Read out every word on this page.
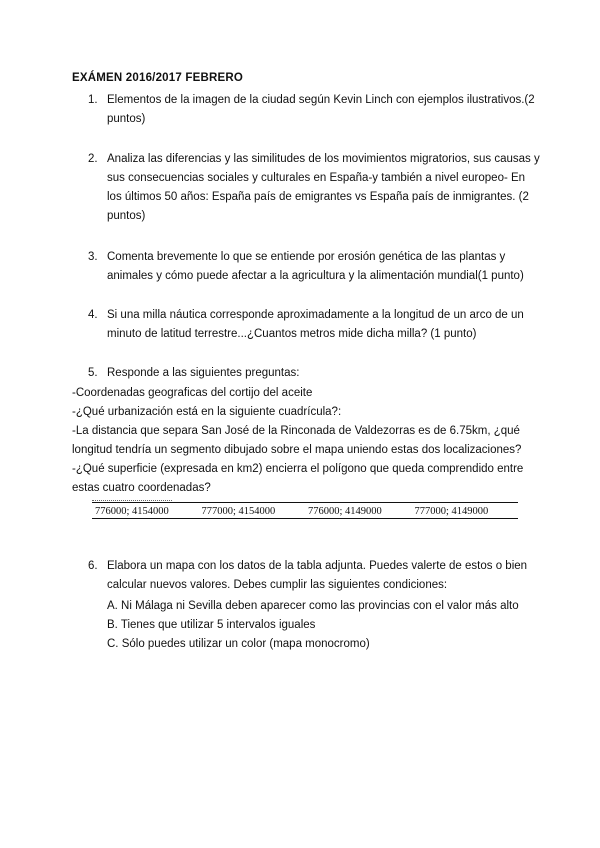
EXÁMEN 2016/2017 FEBRERO
1. Elementos de la imagen de la ciudad según Kevin Linch con ejemplos ilustrativos.(2
puntos)
2. Analiza las diferencias y las similitudes de los movimientos migratorios, sus causas y
sus consecuencias sociales y culturales en España-y también a nivel europeo- En
los últimos 50 años: España país de emigrantes vs España país de inmigrantes. (2
puntos)
3. Comenta brevemente lo que se entiende por erosión genética de las plantas y
animales y cómo puede afectar a la agricultura y la alimentación mundial(1 punto)
4. Si una milla náutica corresponde aproximadamente a la longitud de un arco de un
minuto de latitud terrestre...¿Cuantos metros mide dicha milla? (1 punto)
5. Responde a las siguientes preguntas:
-Coordenadas geograficas del cortijo del aceite
-¿Qué urbanización está en la siguiente cuadrícula?:
-La distancia que separa San José de la Rinconada de Valdezorras es de 6.75km, ¿qué
longitud tendría un segmento dibujado sobre el mapa uniendo estas dos localizaciones?
-¿Qué superficie (expresada en km2) encierra el polígono que queda comprendido entre
estas cuatro coordenadas?
776000; 4154000	777000; 4154000	776000; 4149000	777000; 4149000
6. Elabora un mapa con los datos de la tabla adjunta. Puedes valerte de estos o bien
calcular nuevos valores. Debes cumplir las siguientes condiciones:
A. Ni Málaga ni Sevilla deben aparecer como las provincias con el valor más alto
B. Tienes que utilizar 5 intervalos iguales
C. Sólo puedes utilizar un color (mapa monocromo)
